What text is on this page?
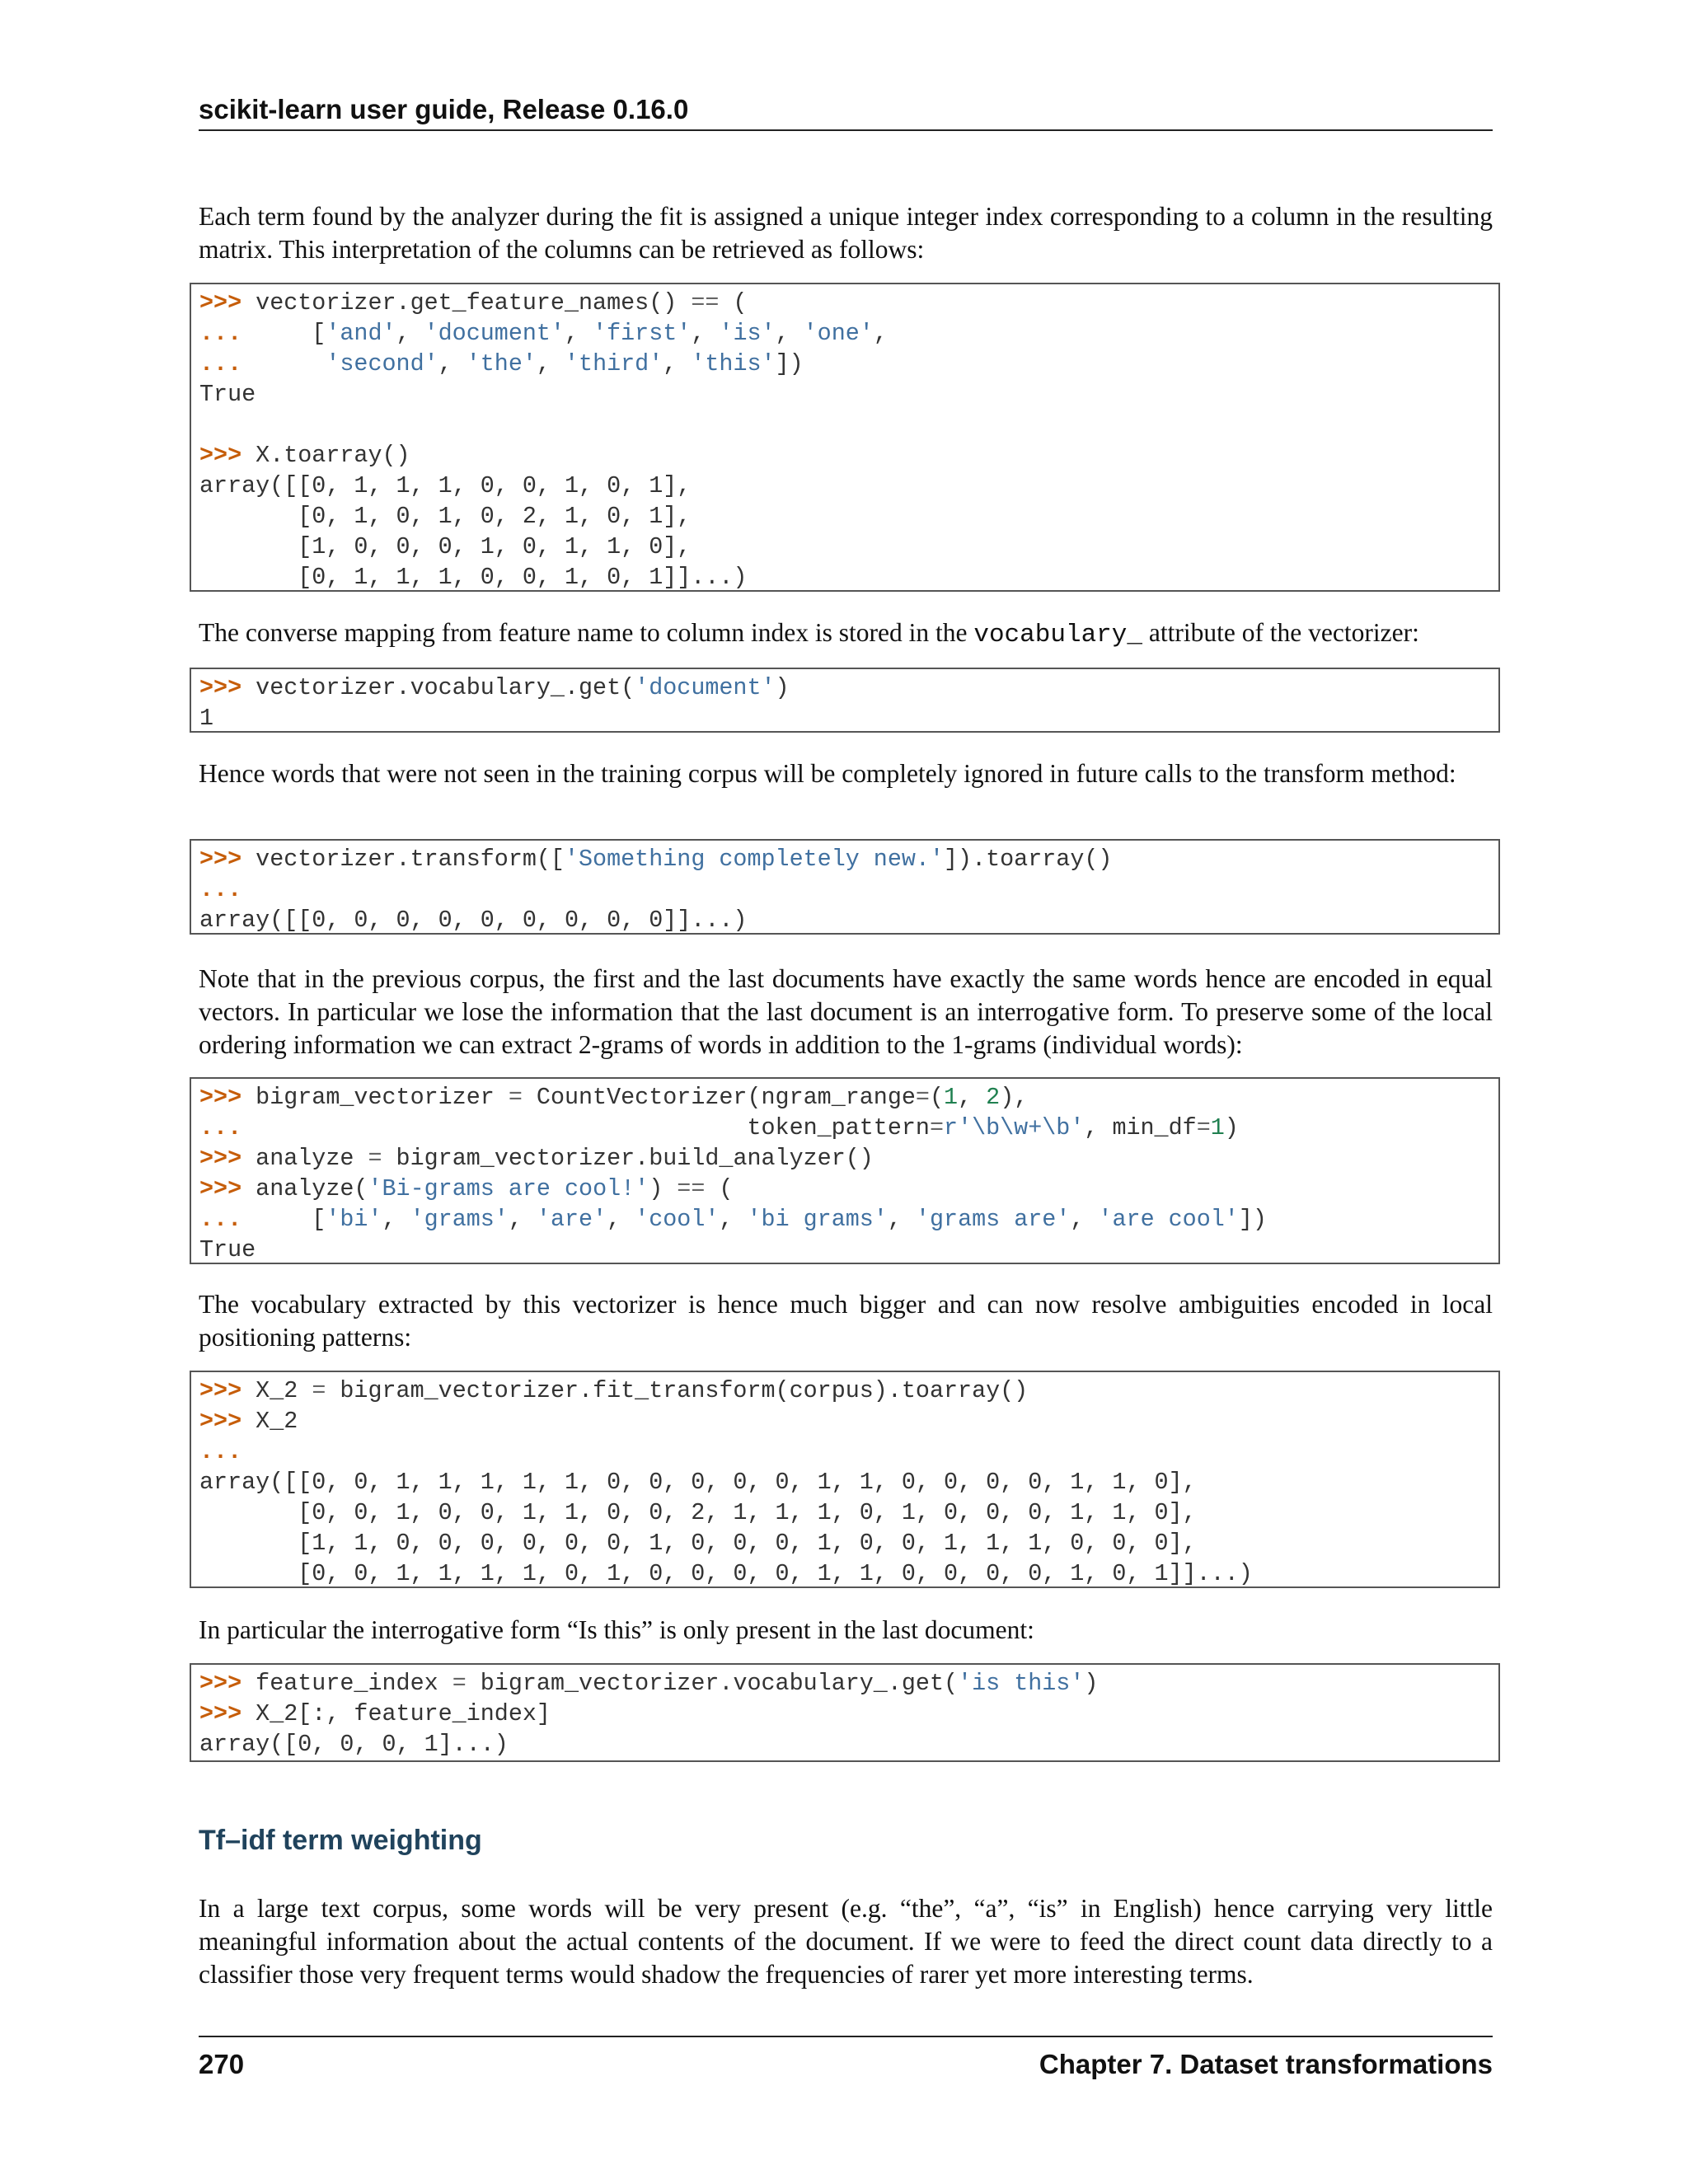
scikit-learn user guide, Release 0.16.0

Each term found by the analyzer during the fit is assigned a unique integer index corresponding to a column in the resulting matrix. This interpretation of the columns can be retrieved as follows:

>>> vectorizer.get_feature_names() == (
...     ['and', 'document', 'first', 'is', 'one',
...	'second', 'the', 'third', 'this'])
True

>>> X.toarray()
array([[0, 1, 1, 1, 0, 0, 1, 0, 1],
[0, 1, 0, 1, 0, 2, 1, 0, 1],
[1, 0, 0, 0, 1, 0, 1, 1, 0],
[0, 1, 1, 1, 0, 0, 1, 0, 1]]...)

The converse mapping from feature name to column index is stored in the vocabulary_ attribute of the vectorizer:

>>> vectorizer.vocabulary_.get('document')
1

Hence words that were not seen in the training corpus will be completely ignored in future calls to the transform method:

>>> vectorizer.transform(['Something completely new.']).toarray()
...
array([[0, 0, 0, 0, 0, 0, 0, 0, 0]]...)

Note that in the previous corpus, the first and the last documents have exactly the same words hence are encoded in equal vectors. In particular we lose the information that the last document is an interrogative form. To preserve some of the local ordering information we can extract 2-grams of words in addition to the 1-grams (individual words):

>>> bigram_vectorizer = CountVectorizer(ngram_range=(1, 2),
...                                    token_pattern=r'\b\w+\b', min_df=1)
>>> analyze = bigram_vectorizer.build_analyzer()
>>> analyze('Bi-grams are cool!') == (
...     ['bi', 'grams', 'are', 'cool', 'bi grams', 'grams are', 'are cool'])
True

The vocabulary extracted by this vectorizer is hence much bigger and can now resolve ambiguities encoded in local positioning patterns:

>>> X_2 = bigram_vectorizer.fit_transform(corpus).toarray()
>>> X_2
...
array([[0, 0, 1, 1, 1, 1, 1, 0, 0, 0, 0, 0, 1, 1, 0, 0, 0, 0, 1, 1, 0],
[0, 0, 1, 0, 0, 1, 1, 0, 0, 2, 1, 1, 1, 0, 1, 0, 0, 0, 1, 1, 0],
[1, 1, 0, 0, 0, 0, 0, 0, 1, 0, 0, 0, 1, 0, 0, 1, 1, 1, 0, 0, 0],
[0, 0, 1, 1, 1, 1, 0, 1, 0, 0, 0, 0, 1, 1, 0, 0, 0, 0, 1, 0, 1]]...)

In particular the interrogative form “Is this” is only present in the last document:

>>> feature_index = bigram_vectorizer.vocabulary_.get('is this')
>>> X_2[:, feature_index]
array([0, 0, 0, 1]...)
Tf–idf term weighting

In a large text corpus, some words will be very present (e.g. “the”, “a”, “is” in English) hence carrying very little meaningful information about the actual contents of the document. If we were to feed the direct count data directly to a classifier those very frequent terms would shadow the frequencies of rarer yet more interesting terms.

270	Chapter 7. Dataset transformations
